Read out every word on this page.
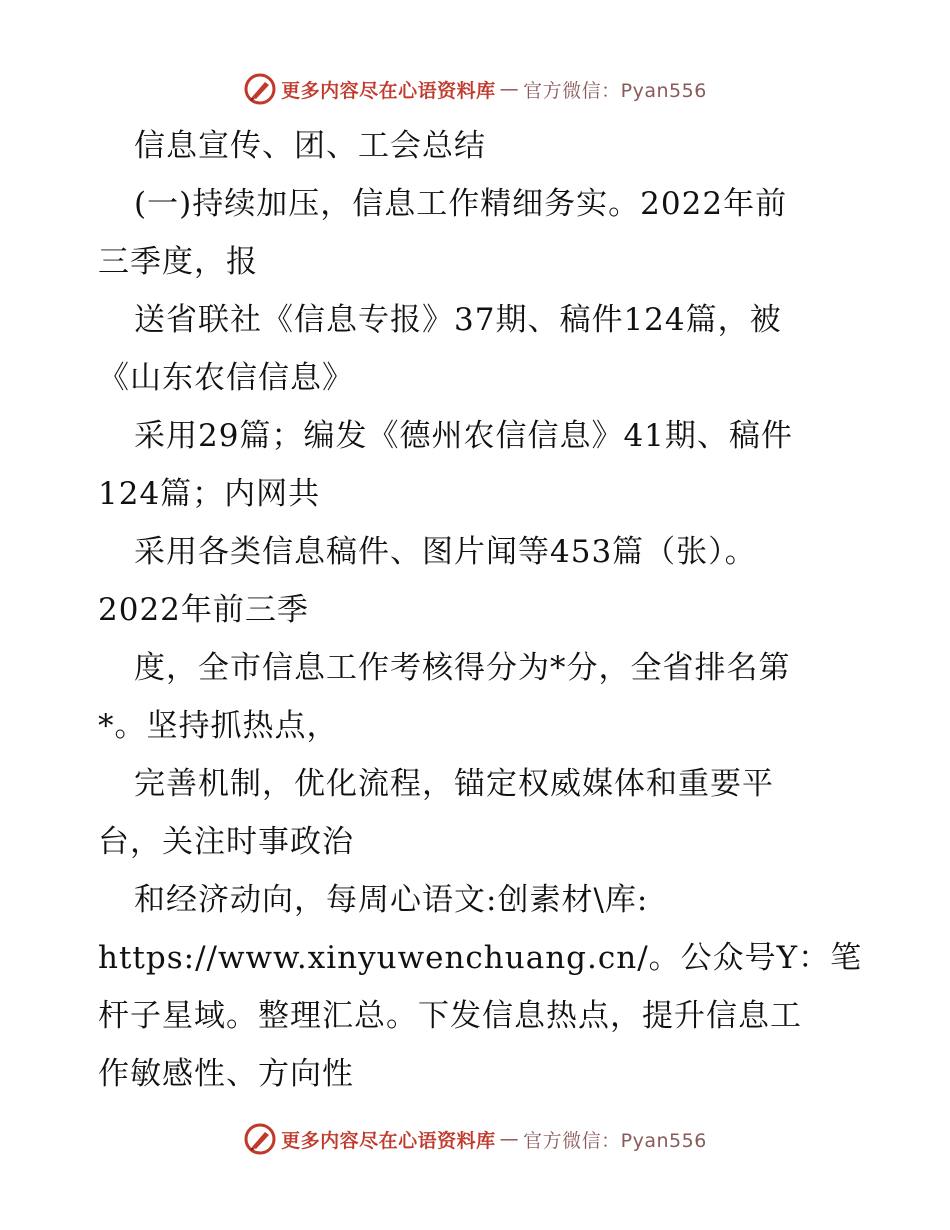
更多内容尽在心语资料库 — 官方微信：Pyan556
信息宣传、团、工会总结
(一)持续加压，信息工作精细务实。2022年前
三季度，报
送省联社《信息专报》37期、稿件124篇，被
《山东农信信息》
采用29篇；编发《德州农信信息》41期、稿件
124篇；内网共
采用各类信息稿件、图片闻等453篇（张）。
2022年前三季
度，全市信息工作考核得分为*分，全省排名第
*。坚持抓热点，
完善机制，优化流程，锚定权威媒体和重要平
台，关注时事政治
和经济动向，每周心语文:创素材\库:
https://www.xinyuwenchuang.cn/。公众号Y：笔
杆子星域。整理汇总。下发信息热点，提升信息工
作敏感性、方向性
更多内容尽在心语资料库 — 官方微信：Pyan556
